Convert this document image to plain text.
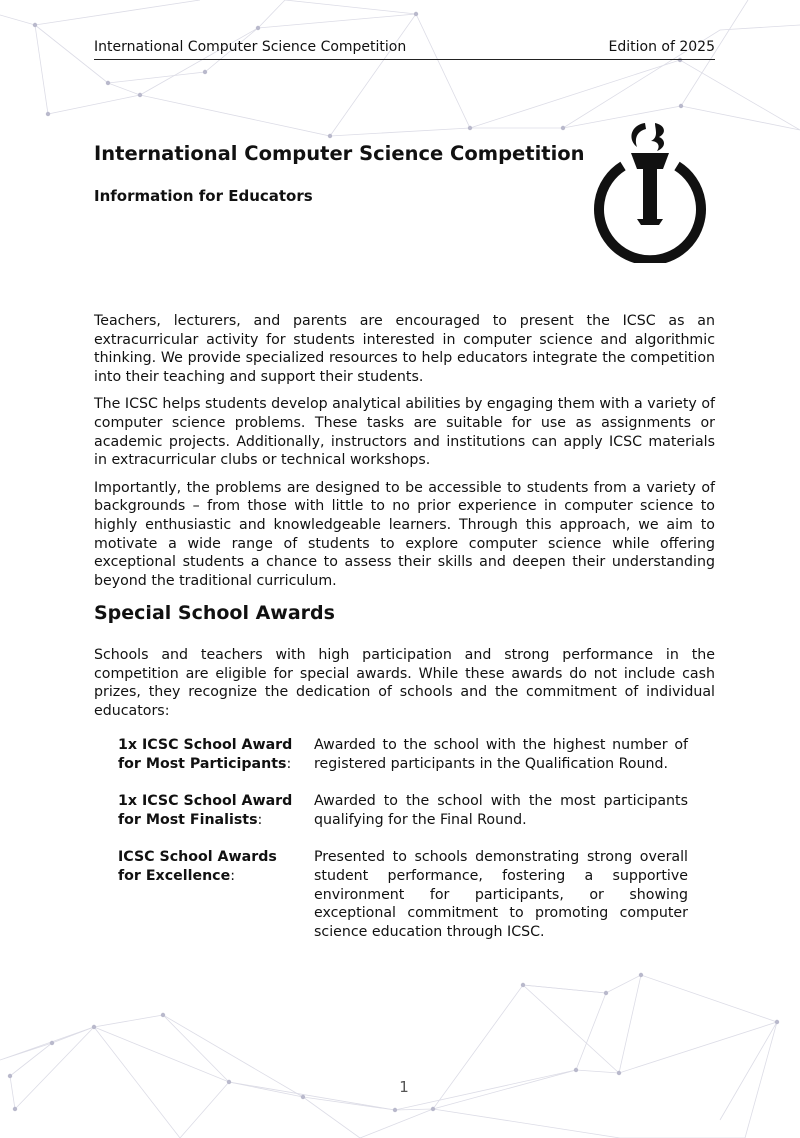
International Computer Science Competition	Edition of 2025
International Computer Science Competition
Information for Educators

Teachers, lecturers, and parents are encouraged to present the ICSC as an extracurricular activity for students interested in computer science and algorithmic thinking. We provide specialized resources to help educators integrate the competition into their teaching and support their students.

The ICSC helps students develop analytical abilities by engaging them with a variety of computer science problems. These tasks are suitable for use as assignments or academic projects. Additionally, instructors and institutions can apply ICSC materials in extracurricular clubs or technical workshops.

Importantly, the problems are designed to be accessible to students from a variety of backgrounds – from those with little to no prior experience in computer science to highly enthusiastic and knowledgeable learners. Through this approach, we aim to motivate a wide range of students to explore computer science while offering exceptional students a chance to assess their skills and deepen their understanding beyond the traditional curriculum.

Special School Awards

Schools and teachers with high participation and strong performance in the competition are eligible for special awards. While these awards do not include cash prizes, they recognize the dedication of schools and the commitment of individual educators:

1x ICSC School Award
for Most Participants:
Awarded to the school with the highest number of registered participants in the Qualification Round.
1x ICSC School Award
for Most Finalists:
Awarded to the school with the most participants qualifying for the Final Round.
ICSC School Awards
for Excellence:
Presented to schools demonstrating strong overall student performance, fostering a supportive environment for participants, or showing exceptional commitment to promoting computer science education through ICSC.
1
